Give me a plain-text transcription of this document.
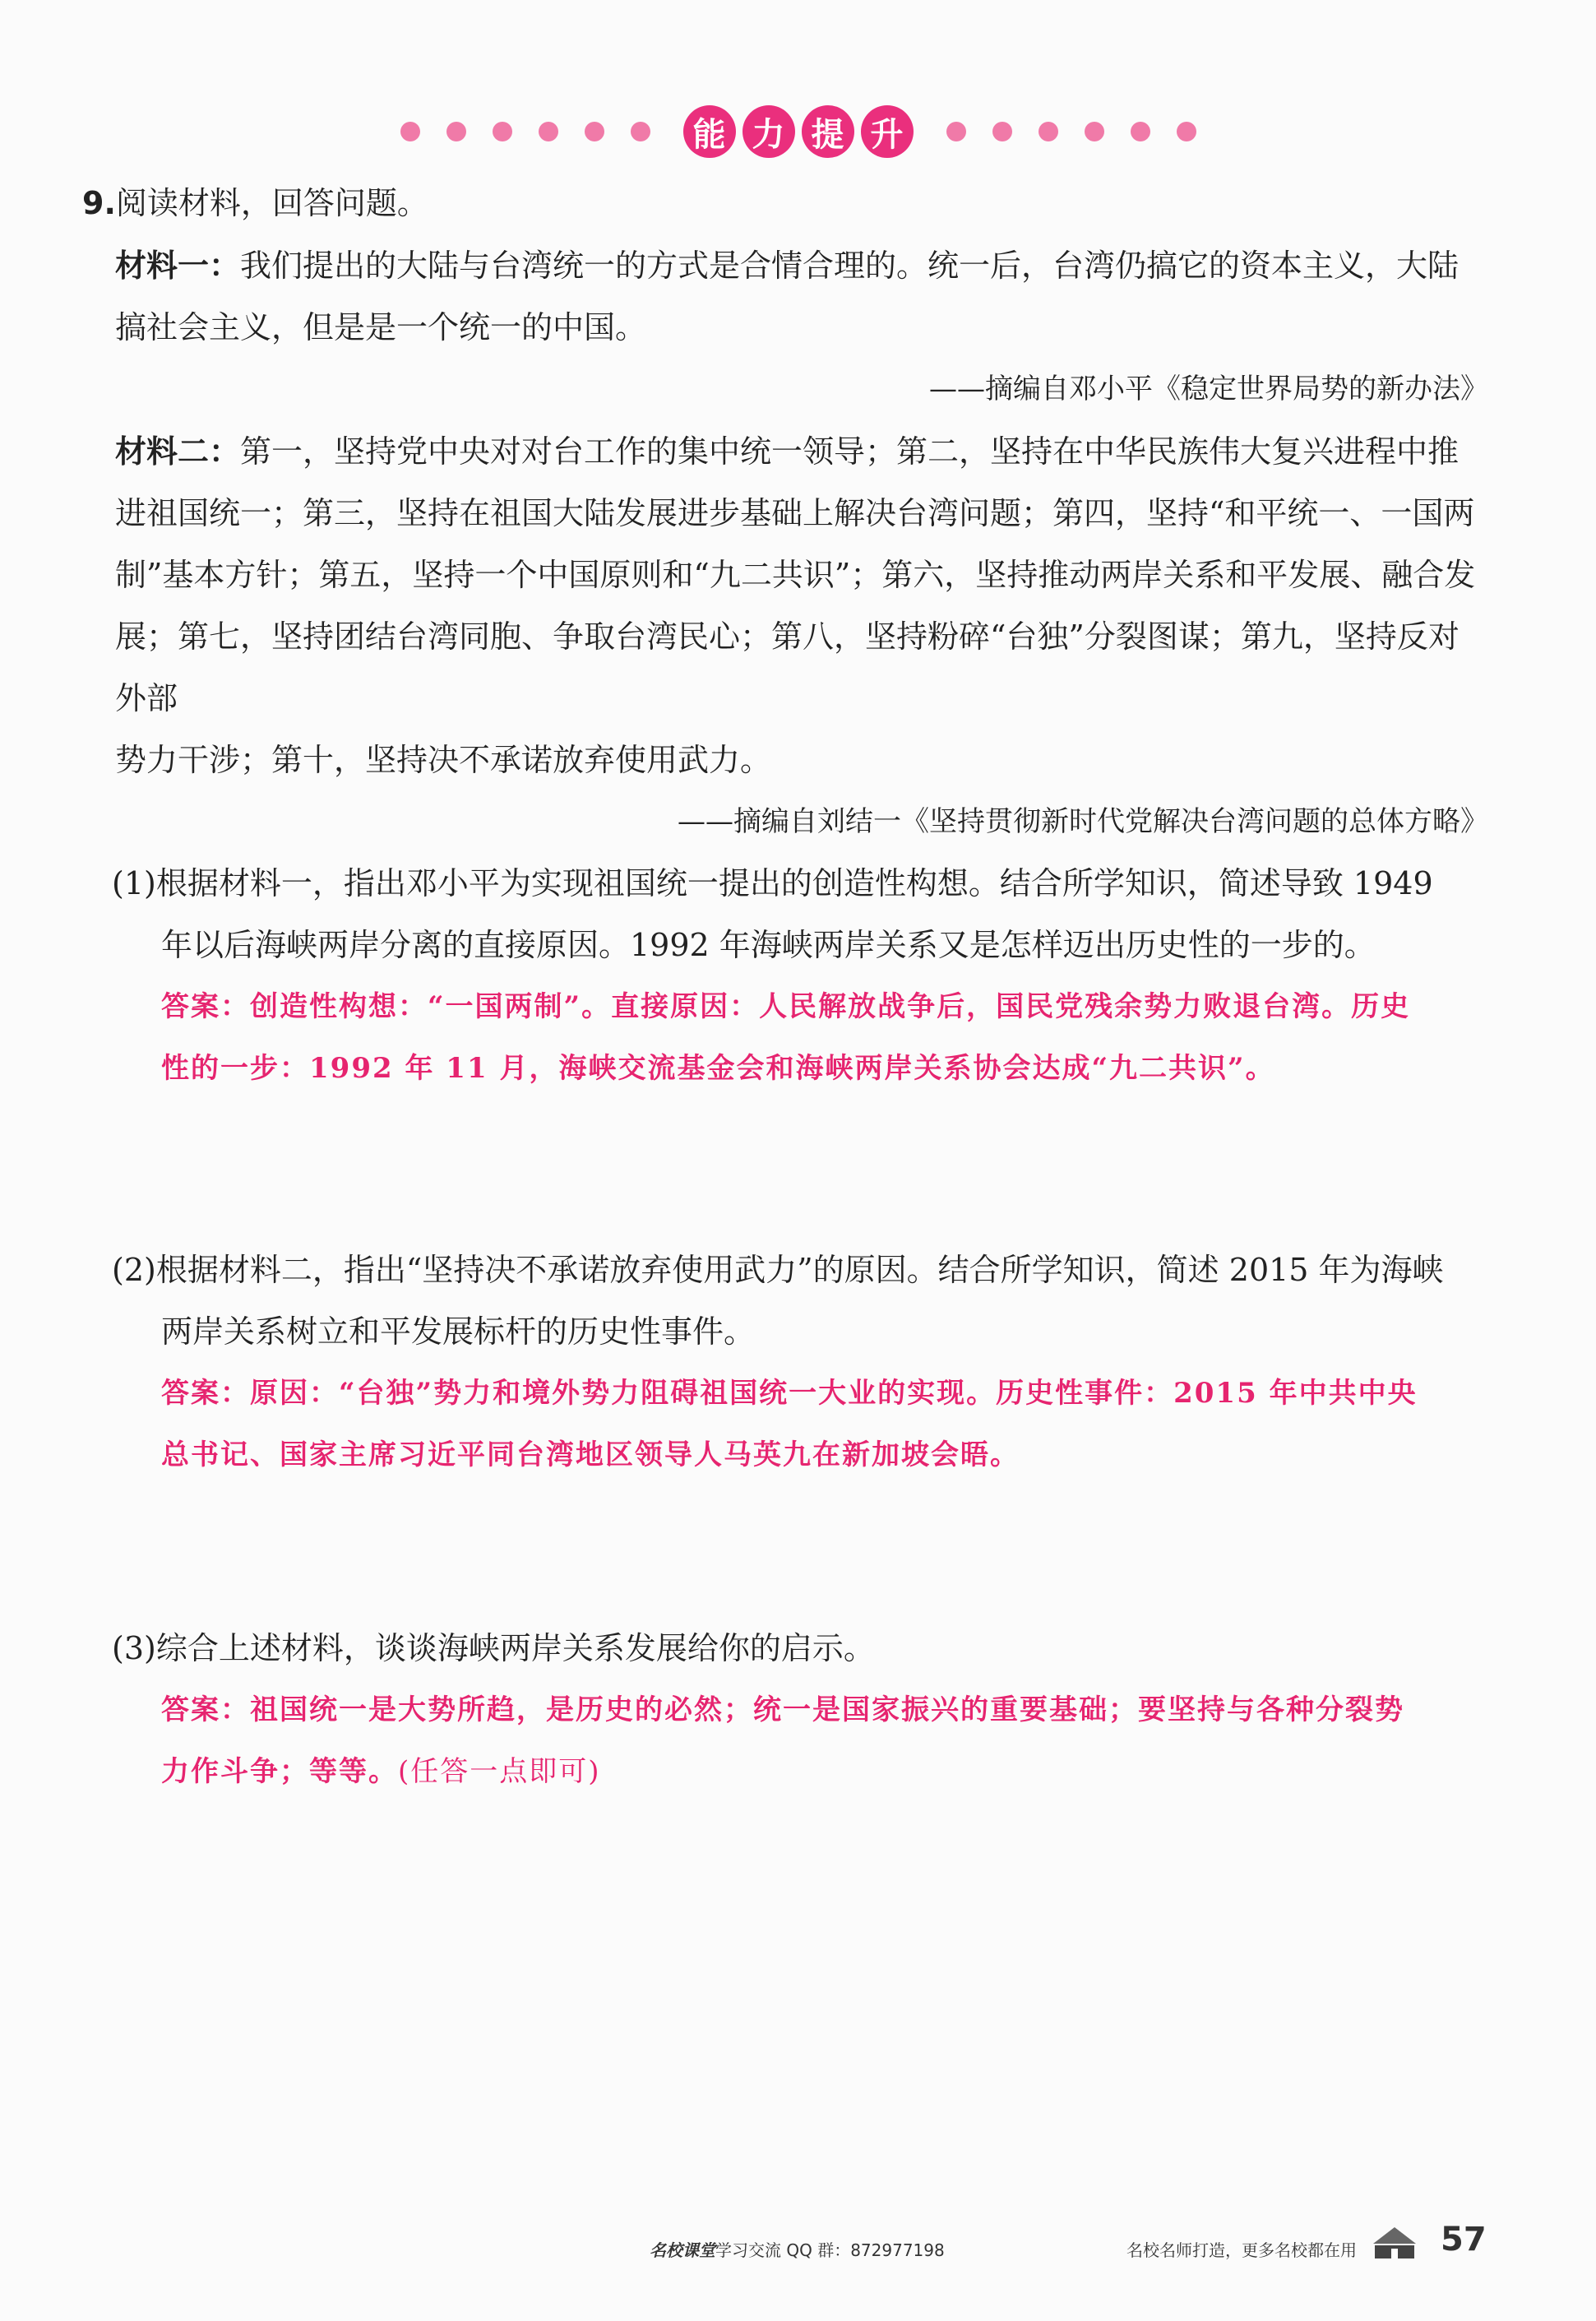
能 力 提 升
9.阅读材料，回答问题。
材料一：我们提出的大陆与台湾统一的方式是合情合理的。统一后，台湾仍搞它的资本主义，大陆
搞社会主义，但是是一个统一的中国。
——摘编自邓小平《稳定世界局势的新办法》
材料二：第一，坚持党中央对对台工作的集中统一领导；第二，坚持在中华民族伟大复兴进程中推
进祖国统一；第三，坚持在祖国大陆发展进步基础上解决台湾问题；第四，坚持“和平统一、一国两
制”基本方针；第五，坚持一个中国原则和“九二共识”；第六，坚持推动两岸关系和平发展、融合发
展；第七，坚持团结台湾同胞、争取台湾民心；第八，坚持粉碎“台独”分裂图谋；第九，坚持反对外部
势力干涉；第十，坚持决不承诺放弃使用武力。
——摘编自刘结一《坚持贯彻新时代党解决台湾问题的总体方略》
(1)根据材料一，指出邓小平为实现祖国统一提出的创造性构想。结合所学知识，简述导致 1949
年以后海峡两岸分离的直接原因。1992 年海峡两岸关系又是怎样迈出历史性的一步的。
答案：创造性构想：“一国两制”。直接原因：人民解放战争后，国民党残余势力败退台湾。历史
性的一步：1992 年 11 月，海峡交流基金会和海峡两岸关系协会达成“九二共识”。
(2)根据材料二，指出“坚持决不承诺放弃使用武力”的原因。结合所学知识，简述 2015 年为海峡
两岸关系树立和平发展标杆的历史性事件。
答案：原因：“台独”势力和境外势力阻碍祖国统一大业的实现。历史性事件：2015 年中共中央
总书记、国家主席习近平同台湾地区领导人马英九在新加坡会晤。
(3)综合上述材料，谈谈海峡两岸关系发展给你的启示。
答案：祖国统一是大势所趋，是历史的必然；统一是国家振兴的重要基础；要坚持与各种分裂势
力作斗争；等等。(任答一点即可)
名校课堂学习交流 QQ 群：872977198	名校名师打造，更多名校都在用	57
